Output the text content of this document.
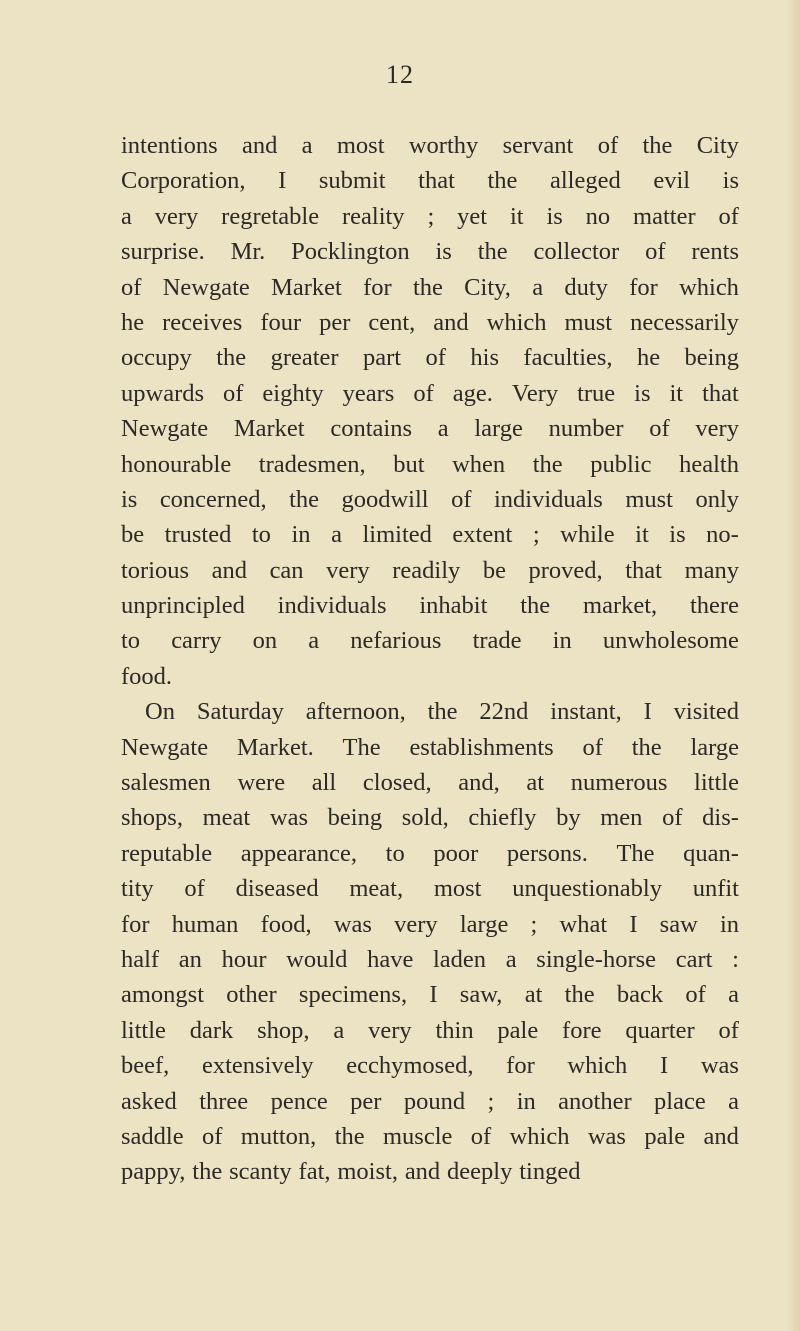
12
intentions and a most worthy servant of the City
Corporation, I submit that the alleged evil is
a very regretable reality ; yet it is no matter of
surprise. Mr. Pocklington is the collector of rents
of Newgate Market for the City, a duty for which
he receives four per cent, and which must necessarily
occupy the greater part of his faculties, he being
upwards of eighty years of age. Very true is it that
Newgate Market contains a large number of very
honourable tradesmen, but when the public health
is concerned, the goodwill of individuals must only
be trusted to in a limited extent ; while it is no-
torious and can very readily be proved, that many
unprincipled individuals inhabit the market, there
to carry on a nefarious trade in unwholesome
food.
On Saturday afternoon, the 22nd instant, I visited
Newgate Market. The establishments of the large
salesmen were all closed, and, at numerous little
shops, meat was being sold, chiefly by men of dis-
reputable appearance, to poor persons. The quan-
tity of diseased meat, most unquestionably unfit
for human food, was very large ; what I saw in
half an hour would have laden a single-horse cart :
amongst other specimens, I saw, at the back of a
little dark shop, a very thin pale fore quarter of
beef, extensively ecchymosed, for which I was
asked three pence per pound ; in another place a
saddle of mutton, the muscle of which was pale and
pappy, the scanty fat, moist, and deeply tinged
